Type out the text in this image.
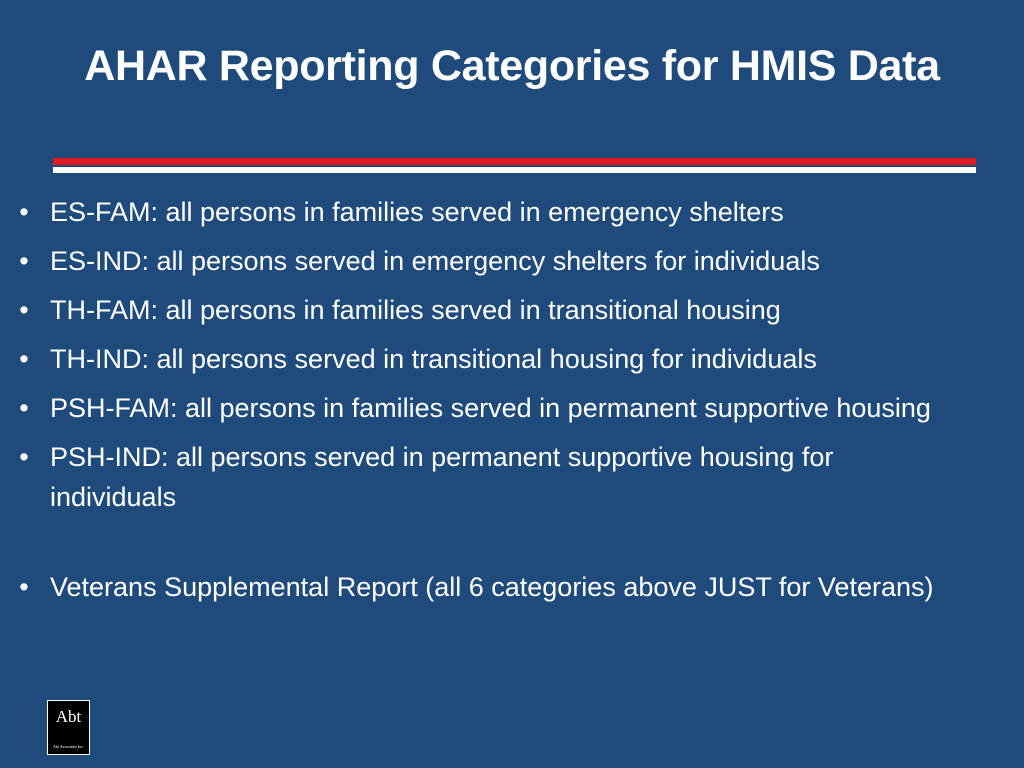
AHAR Reporting Categories for HMIS Data
• ES-FAM: all persons in families served in emergency shelters
• ES-IND: all persons served in emergency shelters for individuals
• TH-FAM: all persons in families served in transitional housing
• TH-IND: all persons served in transitional housing for individuals
• PSH-FAM: all persons in families served in permanent supportive housing
• PSH-IND: all persons served in permanent supportive housing for individuals
• Veterans Supplemental Report (all 6 categories above JUST for Veterans)
Abt
Abt Associates Inc.
